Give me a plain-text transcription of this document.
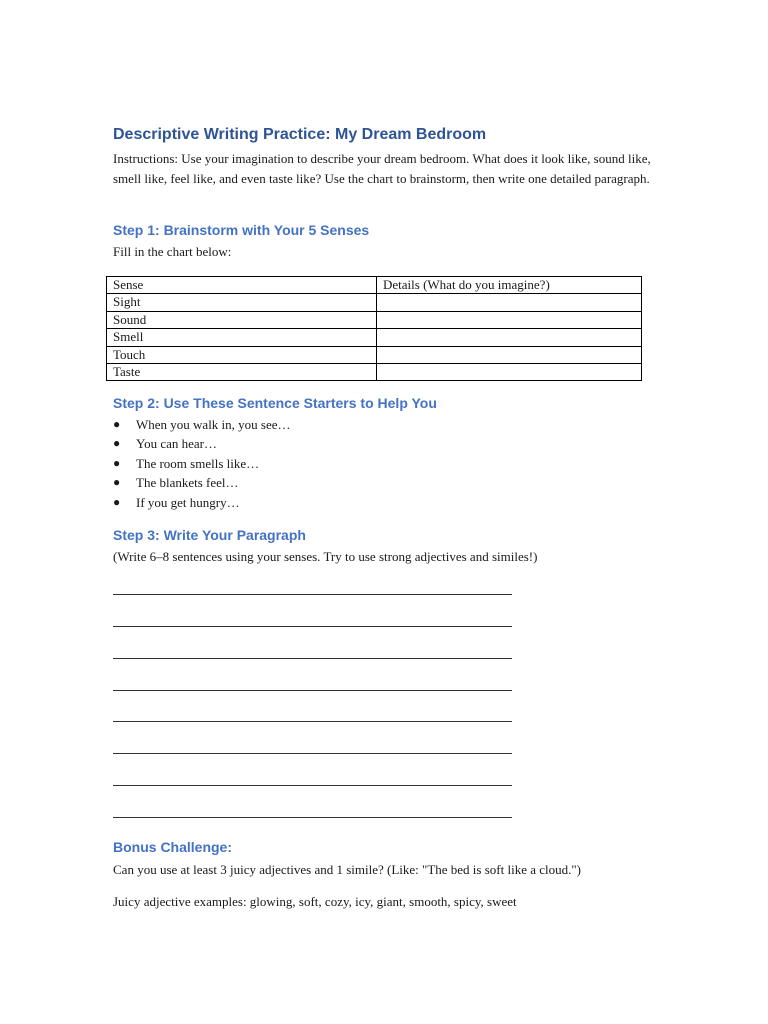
Descriptive Writing Practice: My Dream Bedroom
Instructions: Use your imagination to describe your dream bedroom. What does it look like, sound like, smell like, feel like, and even taste like? Use the chart to brainstorm, then write one detailed paragraph.
Step 1: Brainstorm with Your 5 Senses
Fill in the chart below:
Sense	Details (What do you imagine?)
Sight	
Sound	
Smell	
Touch	
Taste	
Step 2: Use These Sentence Starters to Help You
● When you walk in, you see…
● You can hear…
● The room smells like…
● The blankets feel…
● If you get hungry…
Step 3: Write Your Paragraph
(Write 6–8 sentences using your senses. Try to use strong adjectives and similes!)
Bonus Challenge:
Can you use at least 3 juicy adjectives and 1 simile? (Like: "The bed is soft like a cloud.")
Juicy adjective examples: glowing, soft, cozy, icy, giant, smooth, spicy, sweet
